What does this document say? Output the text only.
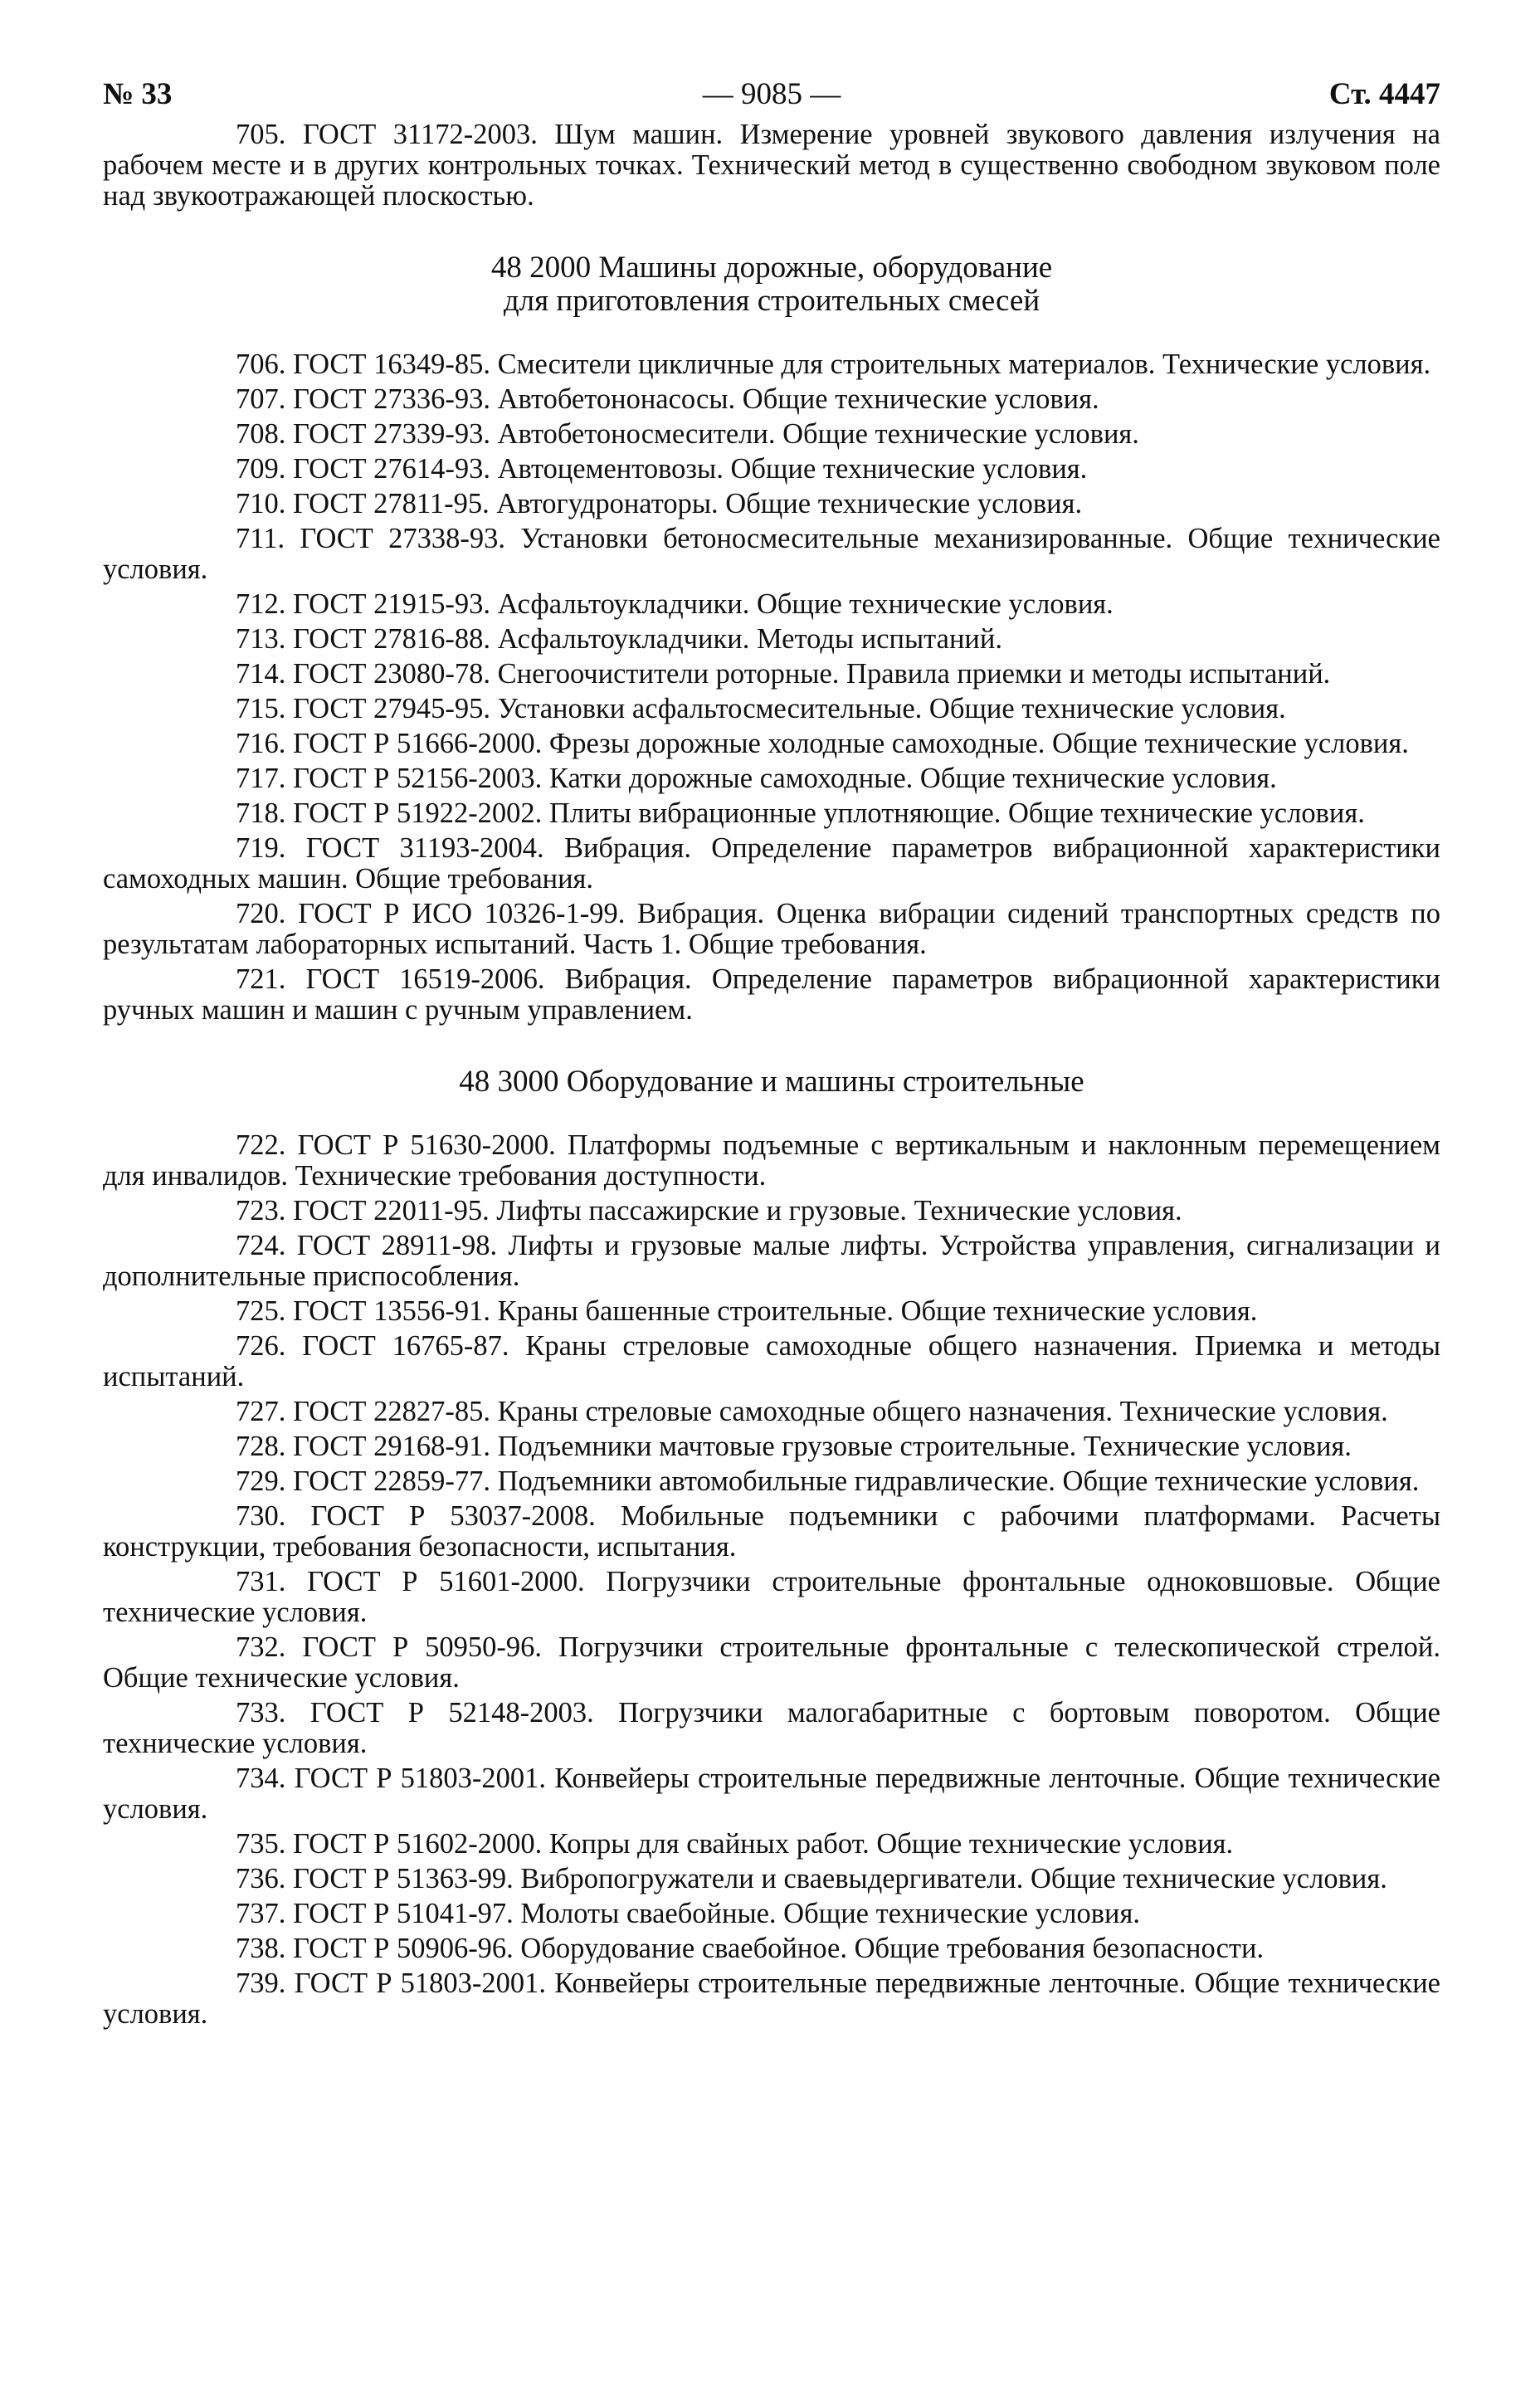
№ 33	— 9085 —	Ст. 4447

705. ГОСТ 31172-2003. Шум машин. Измерение уровней звукового давления излучения на рабочем месте и в других контрольных точках. Технический метод в существенно свободном звуковом поле над звукоотражающей плоскостью.

48 2000 Машины дорожные, оборудование
для приготовления строительных смесей

706. ГОСТ 16349-85. Смесители цикличные для строительных материалов. Технические условия.

707. ГОСТ 27336-93. Автобетононасосы. Общие технические условия.

708. ГОСТ 27339-93. Автобетоносмесители. Общие технические условия.

709. ГОСТ 27614-93. Автоцементовозы. Общие технические условия.

710. ГОСТ 27811-95. Автогудронаторы. Общие технические условия.

711. ГОСТ 27338-93. Установки бетоносмесительные механизированные. Общие технические условия.

712. ГОСТ 21915-93. Асфальтоукладчики. Общие технические условия.

713. ГОСТ 27816-88. Асфальтоукладчики. Методы испытаний.

714. ГОСТ 23080-78. Снегоочистители роторные. Правила приемки и методы испытаний.

715. ГОСТ 27945-95. Установки асфальтосмесительные. Общие технические условия.

716. ГОСТ Р 51666-2000. Фрезы дорожные холодные самоходные. Общие технические условия.

717. ГОСТ Р 52156-2003. Катки дорожные самоходные. Общие технические условия.

718. ГОСТ Р 51922-2002. Плиты вибрационные уплотняющие. Общие технические условия.

719. ГОСТ 31193-2004. Вибрация. Определение параметров вибрационной характеристики самоходных машин. Общие требования.

720. ГОСТ Р ИСО 10326-1-99. Вибрация. Оценка вибрации сидений транспортных средств по результатам лабораторных испытаний. Часть 1. Общие требования.

721. ГОСТ 16519-2006. Вибрация. Определение параметров вибрационной характеристики ручных машин и машин с ручным управлением.

48 3000 Оборудование и машины строительные

722. ГОСТ Р 51630-2000. Платформы подъемные с вертикальным и наклонным перемещением для инвалидов. Технические требования доступности.

723. ГОСТ 22011-95. Лифты пассажирские и грузовые. Технические условия.

724. ГОСТ 28911-98. Лифты и грузовые малые лифты. Устройства управления, сигнализации и дополнительные приспособления.

725. ГОСТ 13556-91. Краны башенные строительные. Общие технические условия.

726. ГОСТ 16765-87. Краны стреловые самоходные общего назначения. Приемка и методы испытаний.

727. ГОСТ 22827-85. Краны стреловые самоходные общего назначения. Технические условия.

728. ГОСТ 29168-91. Подъемники мачтовые грузовые строительные. Технические условия.

729. ГОСТ 22859-77. Подъемники автомобильные гидравлические. Общие технические условия.

730. ГОСТ Р 53037-2008. Мобильные подъемники с рабочими платформами. Расчеты конструкции, требования безопасности, испытания.

731. ГОСТ Р 51601-2000. Погрузчики строительные фронтальные одноковшовые. Общие технические условия.

732. ГОСТ Р 50950-96. Погрузчики строительные фронтальные с телескопической стрелой. Общие технические условия.

733. ГОСТ Р 52148-2003. Погрузчики малогабаритные с бортовым поворотом. Общие технические условия.

734. ГОСТ Р 51803-2001. Конвейеры строительные передвижные ленточные. Общие технические условия.

735. ГОСТ Р 51602-2000. Копры для свайных работ. Общие технические условия.

736. ГОСТ Р 51363-99. Вибропогружатели и сваевыдергиватели. Общие технические условия.

737. ГОСТ Р 51041-97. Молоты сваебойные. Общие технические условия.

738. ГОСТ Р 50906-96. Оборудование сваебойное. Общие требования безопасности.

739. ГОСТ Р 51803-2001. Конвейеры строительные передвижные ленточные. Общие технические условия.
